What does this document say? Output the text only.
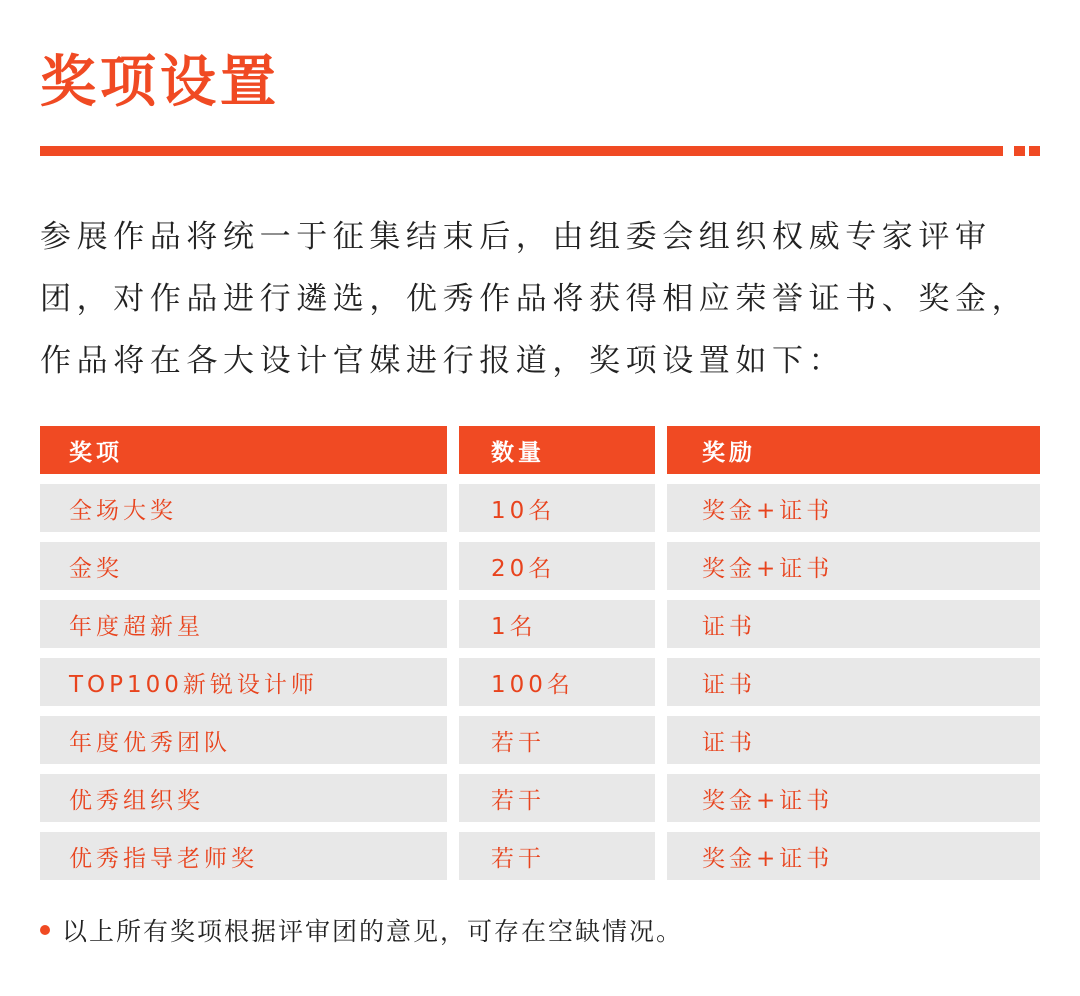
奖项设置

参展作品将统一于征集结束后，由组委会组织权威专家评审团，对作品进行遴选，优秀作品将获得相应荣誉证书、奖金，作品将在各大设计官媒进行报道，奖项设置如下：

奖项	数量	奖励
全场大奖	10名	奖金+证书
金奖	20名	奖金+证书
年度超新星	1名	证书
TOP100新锐设计师	100名	证书
年度优秀团队	若干	证书
优秀组织奖	若干	奖金+证书
优秀指导老师奖	若干	奖金+证书
以上所有奖项根据评审团的意见，可存在空缺情况。
